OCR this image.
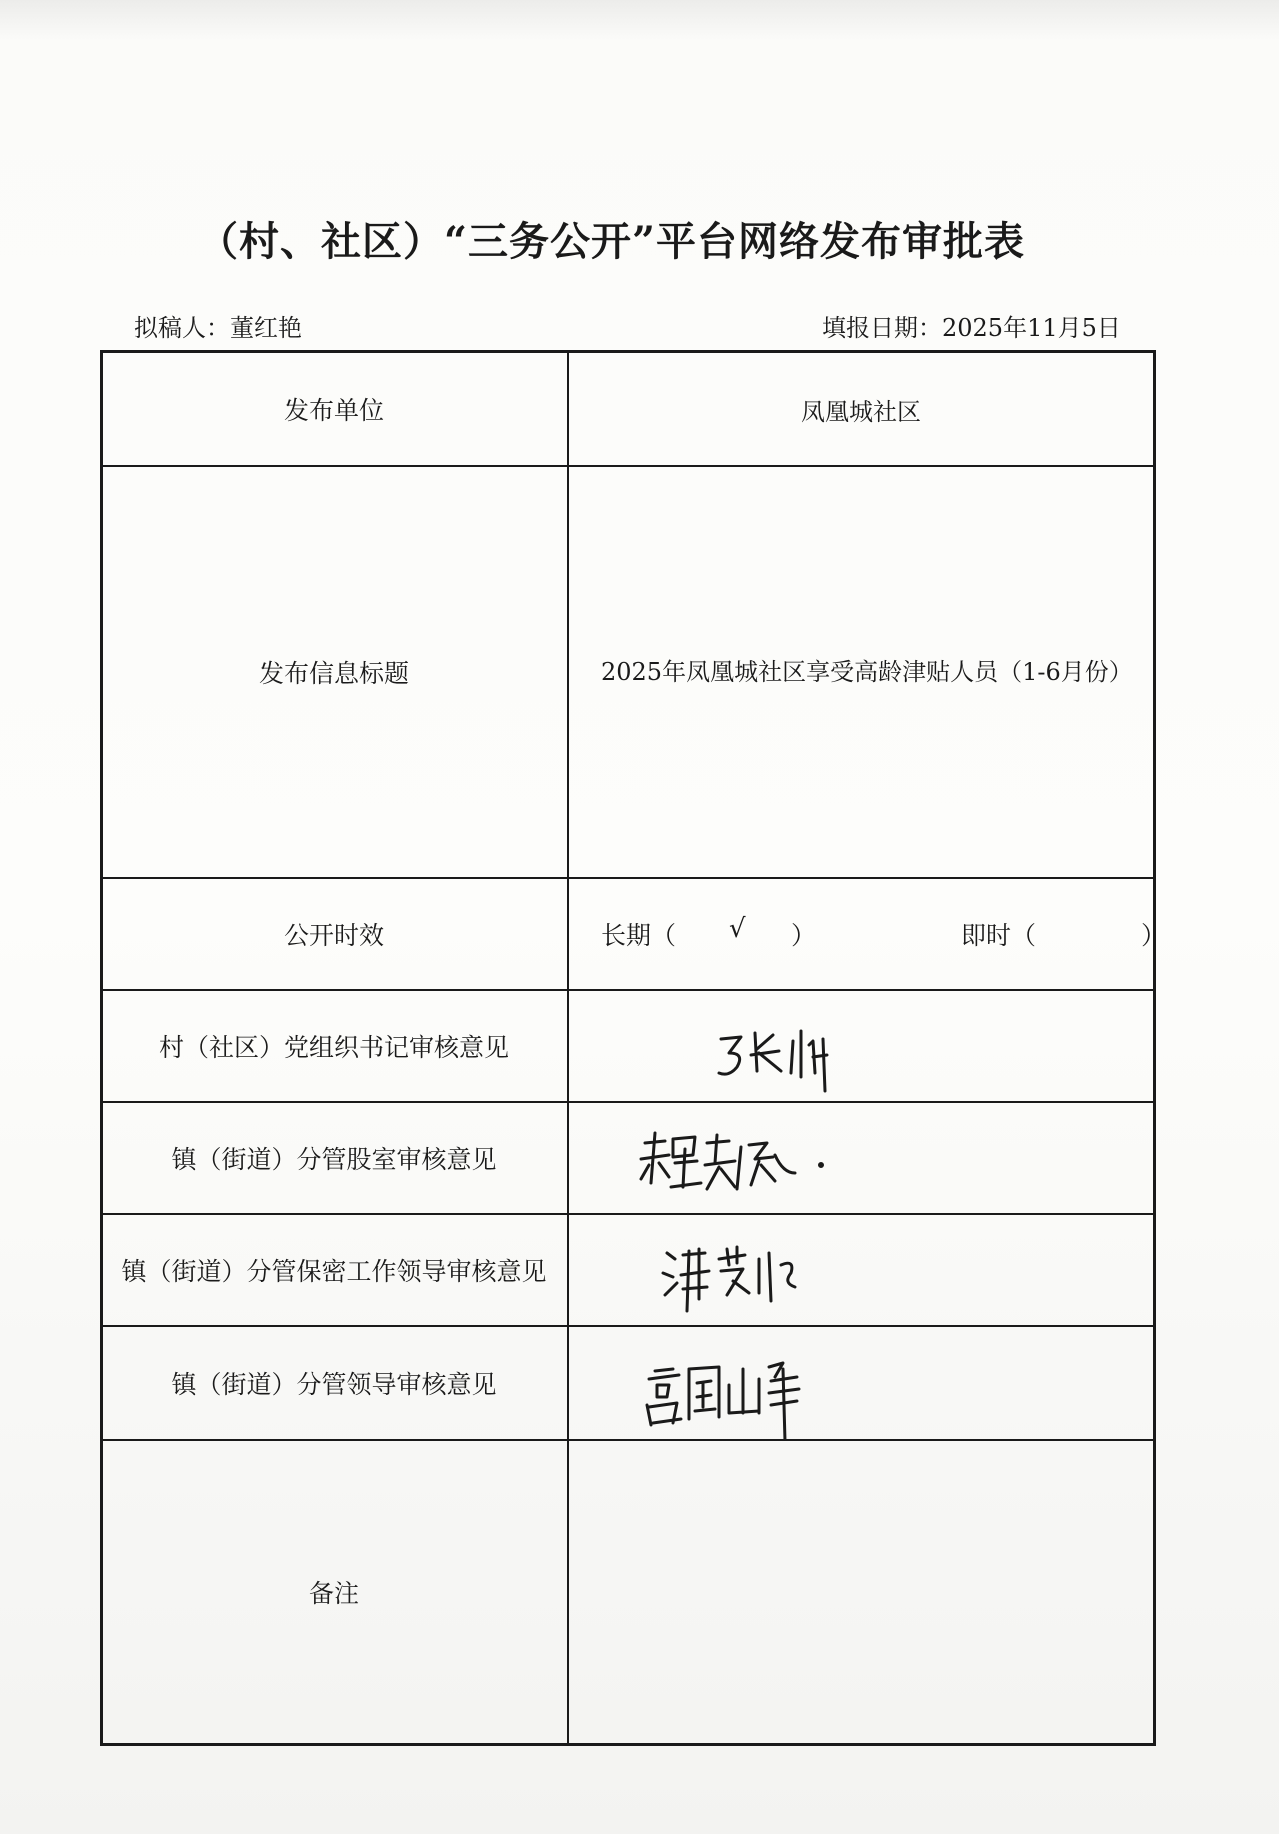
（村、社区）“三务公开”平台网络发布审批表
拟稿人：董红艳	填报日期：2025年11月5日
发布单位	凤凰城社区
发布信息标题	2025年凤凰城社区享受高龄津贴人员（1-6月份）
公开时效	长期（ √ ）	即时（	）
村（社区）党组织书记审核意见
镇（街道）分管股室审核意见
镇（街道）分管保密工作领导审核意见
镇（街道）分管领导审核意见
备注
